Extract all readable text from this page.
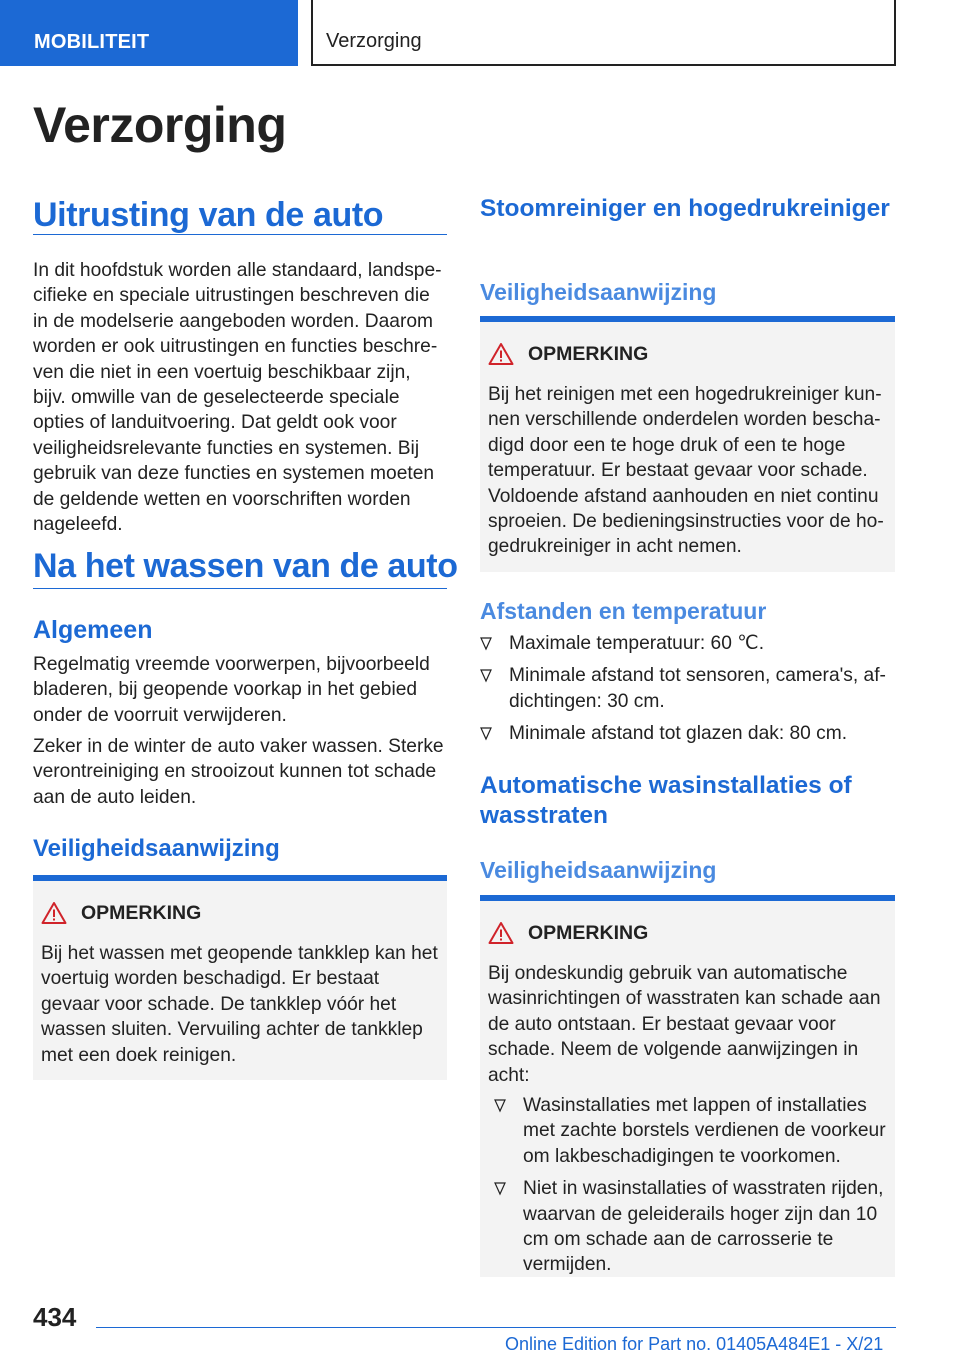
MOBILITEIT	Verzorging
Verzorging
Uitrusting van de auto
In dit hoofdstuk worden alle standaard, landspecifieke en speciale uitrustingen beschreven die in de modelserie aangeboden worden. Daarom worden er ook uitrustingen en functies beschreven die niet in een voertuig beschikbaar zijn, bijv. omwille van de geselecteerde speciale opties of landuitvoering. Dat geldt ook voor veiligheidsrelevante functies en systemen. Bij gebruik van deze functies en systemen moeten de geldende wetten en voorschriften worden nageleefd.
Na het wassen van de auto
Algemeen
Regelmatig vreemde voorwerpen, bijvoorbeeld bladeren, bij geopende voorkap in het gebied onder de voorruit verwijderen.
Zeker in de winter de auto vaker wassen. Sterke verontreiniging en strooizout kunnen tot schade aan de auto leiden.
Veiligheidsaanwijzing
OPMERKING
Bij het wassen met geopende tankklep kan het voertuig worden beschadigd. Er bestaat gevaar voor schade. De tankklep vóór het wassen sluiten. Vervuiling achter de tankklep met een doek reinigen.
Stoomreiniger en hogedrukreiniger
Veiligheidsaanwijzing
OPMERKING
Bij het reinigen met een hogedrukreiniger kunnen verschillende onderdelen worden beschadigd door een te hoge druk of een te hoge temperatuur. Er bestaat gevaar voor schade. Voldoende afstand aanhouden en niet continu sproeien. De bedieningsinstructies voor de hogedrukreiniger in acht nemen.
Afstanden en temperatuur
Maximale temperatuur: 60 ℃.
Minimale afstand tot sensoren, camera's, afdichtingen: 30 cm.
Minimale afstand tot glazen dak: 80 cm.
Automatische wasinstallaties of wasstraten
Veiligheidsaanwijzing
OPMERKING
Bij ondeskundig gebruik van automatische wasinrichtingen of wasstraten kan schade aan de auto ontstaan. Er bestaat gevaar voor schade. Neem de volgende aanwijzingen in acht:
Wasinstallaties met lappen of installaties met zachte borstels verdienen de voorkeur om lakbeschadigingen te voorkomen.
Niet in wasinstallaties of wasstraten rijden, waarvan de geleiderails hoger zijn dan 10 cm om schade aan de carrosserie te vermijden.
434
Online Edition for Part no. 01405A484E1 - X/21
